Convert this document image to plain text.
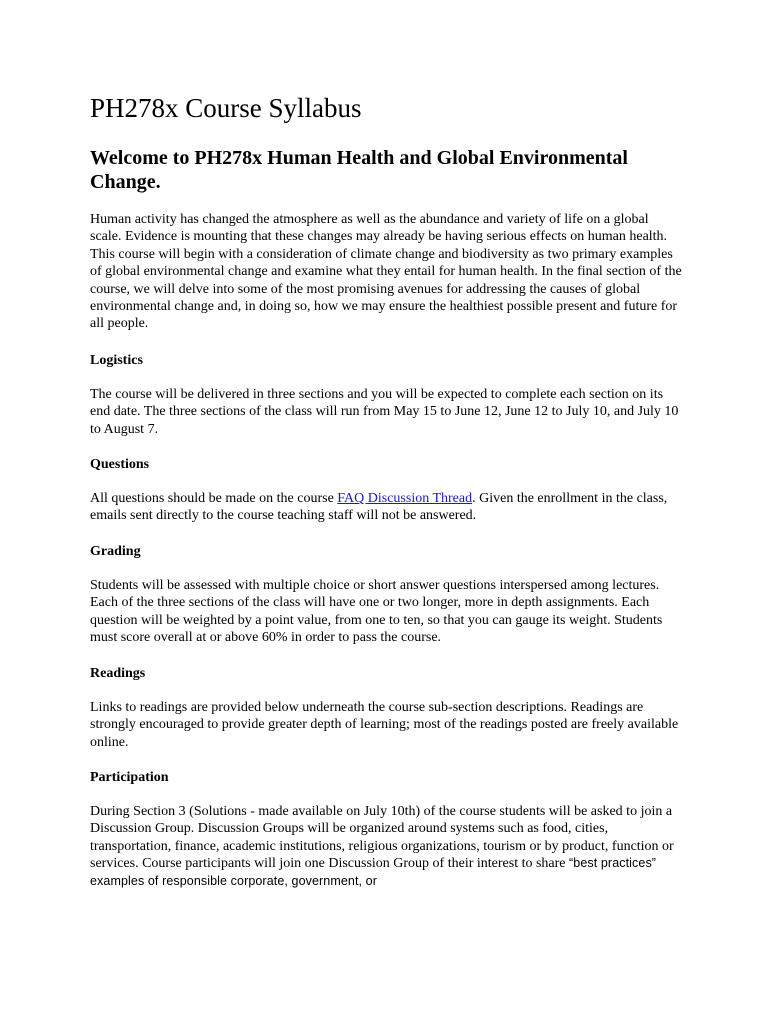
PH278x Course Syllabus
Welcome to PH278x Human Health and Global Environmental Change.

Human activity has changed the atmosphere as well as the abundance and variety of life on a global scale. Evidence is mounting that these changes may already be having serious effects on human health. This course will begin with a consideration of climate change and biodiversity as two primary examples of global environmental change and examine what they entail for human health. In the final section of the course, we will delve into some of the most promising avenues for addressing the causes of global environmental change and, in doing so, how we may ensure the healthiest possible present and future for all people.

Logistics

The course will be delivered in three sections and you will be expected to complete each section on its end date. The three sections of the class will run from May 15 to June 12, June 12 to July 10, and July 10 to August 7.

Questions

All questions should be made on the course FAQ Discussion Thread. Given the enrollment in the class, emails sent directly to the course teaching staff will not be answered.

Grading

Students will be assessed with multiple choice or short answer questions interspersed among lectures. Each of the three sections of the class will have one or two longer, more in depth assignments. Each question will be weighted by a point value, from one to ten, so that you can gauge its weight. Students must score overall at or above 60% in order to pass the course.

Readings

Links to readings are provided below underneath the course sub-section descriptions. Readings are strongly encouraged to provide greater depth of learning; most of the readings posted are freely available online.

Participation

During Section 3 (Solutions - made available on July 10th) of the course students will be asked to join a Discussion Group. Discussion Groups will be organized around systems such as food, cities, transportation, finance, academic institutions, religious organizations, tourism or by product, function or services. Course participants will join one Discussion Group of their interest to share “best practices” examples of responsible corporate, government, or
